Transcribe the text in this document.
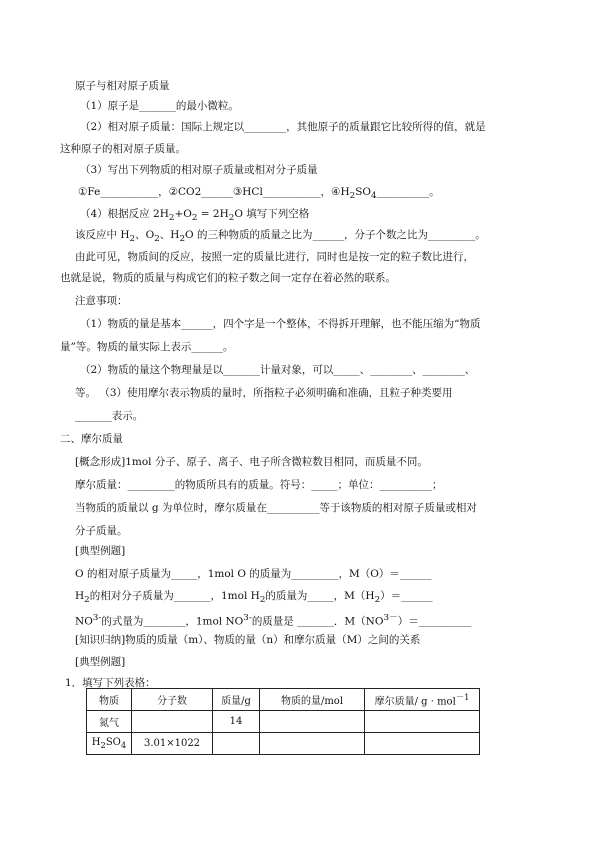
原子与相对原子质量
（1）原子是_______的最小微粒。
（2）相对原子质量：国际上规定以________，其他原子的质量跟它比较所得的值，就是
这种原子的相对原子质量。
（3）写出下列物质的相对原子质量或相对分子质量
①Fe___________，②CO2______③HCl___________，$④H_2SO_4\_\_\_\_\_\_\_\_\_\_$。
（4）根据反应 $2H_2+O_2 = 2H_2O$ 填写下列空格
该反应中 $H_2$、$O_2$、$H_2O$ 的三种物质的质量之比为______，分子个数之比为_________。
由此可见，物质间的反应，按照一定的质量比进行，同时也是按一定的粒子数比进行，
也就是说，物质的质量与构成它们的粒子数之间一定存在着必然的联系。
注意事项：
（1）物质的量是基本______，四个字是一个整体，不得拆开理解，也不能压缩为“物质
量”等。物质的量实际上表示______。
（2）物质的量这个物理量是以_______计量对象，可以_____、________、________、
等。 （3）使用摩尔表示物质的量时，所指粒子必须明确和准确，且粒子种类要用
_______表示。
二、摩尔质量
[概念形成]1mol 分子、原子、离子、电子所含微粒数目相同，而质量不同。
摩尔质量：_________的物质所具有的质量。符号：_____；单位：__________；
当物质的质量以 g 为单位时，摩尔质量在__________等于该物质的相对原子质量或相对
分子质量。
[典型例题]
O 的相对原子质量为_____，1mol O 的质量为_________，M（O）＝______
$H_2$的相对分子质量为_______，1mol $H_2$的质量为_____，$M(H_2)=\_\_\_\_\_\_$
$NO^{3-}$的式量为________，1mol $NO^{3-}$的质量是 _______．$M(NO^{3-})=\_\_\_\_\_\_\_\_\_\_$
[知识归纳]物质的质量（m）、物质的量（n）和摩尔质量（M）之间的关系
[典型例题]
1．填写下列表格：
物质	分子数	质量/g	物质的量/mol	摩尔质量/ g · mol$^{-1}$
氮气		14		
$H_2SO_4$	3.01×1022			
